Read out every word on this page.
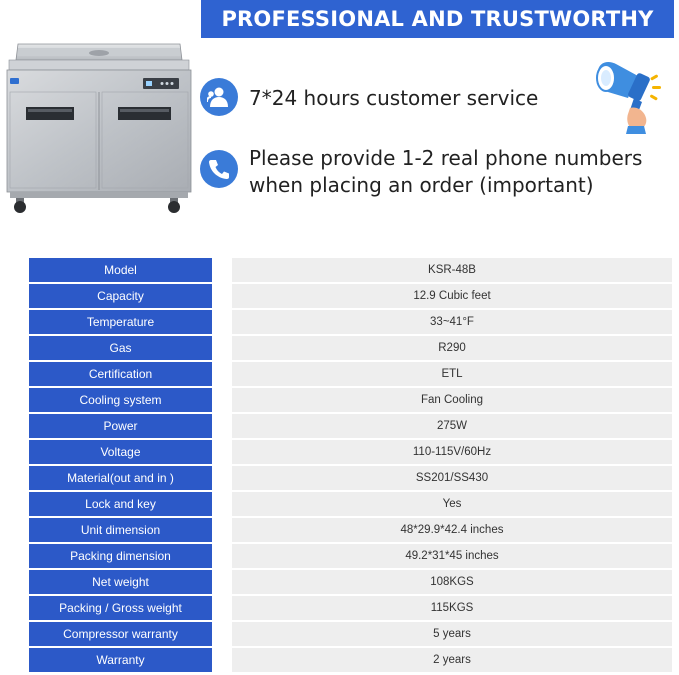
PROFESSIONAL AND TRUSTWORTHY
7*24 hours customer service
Please provide 1-2 real phone numbers
when placing an order (important)
Model	KSR-48B
Capacity	12.9 Cubic feet
Temperature	33~41°F
Gas	R290
Certification	ETL
Cooling system	Fan Cooling
Power	275W
Voltage	110-115V/60Hz
Material(out and in )	SS201/SS430
Lock and key	Yes
Unit dimension	48*29.9*42.4 inches
Packing dimension	49.2*31*45 inches
Net weight	108KGS
Packing / Gross weight	115KGS
Compressor warranty	5 years
Warranty	2 years
